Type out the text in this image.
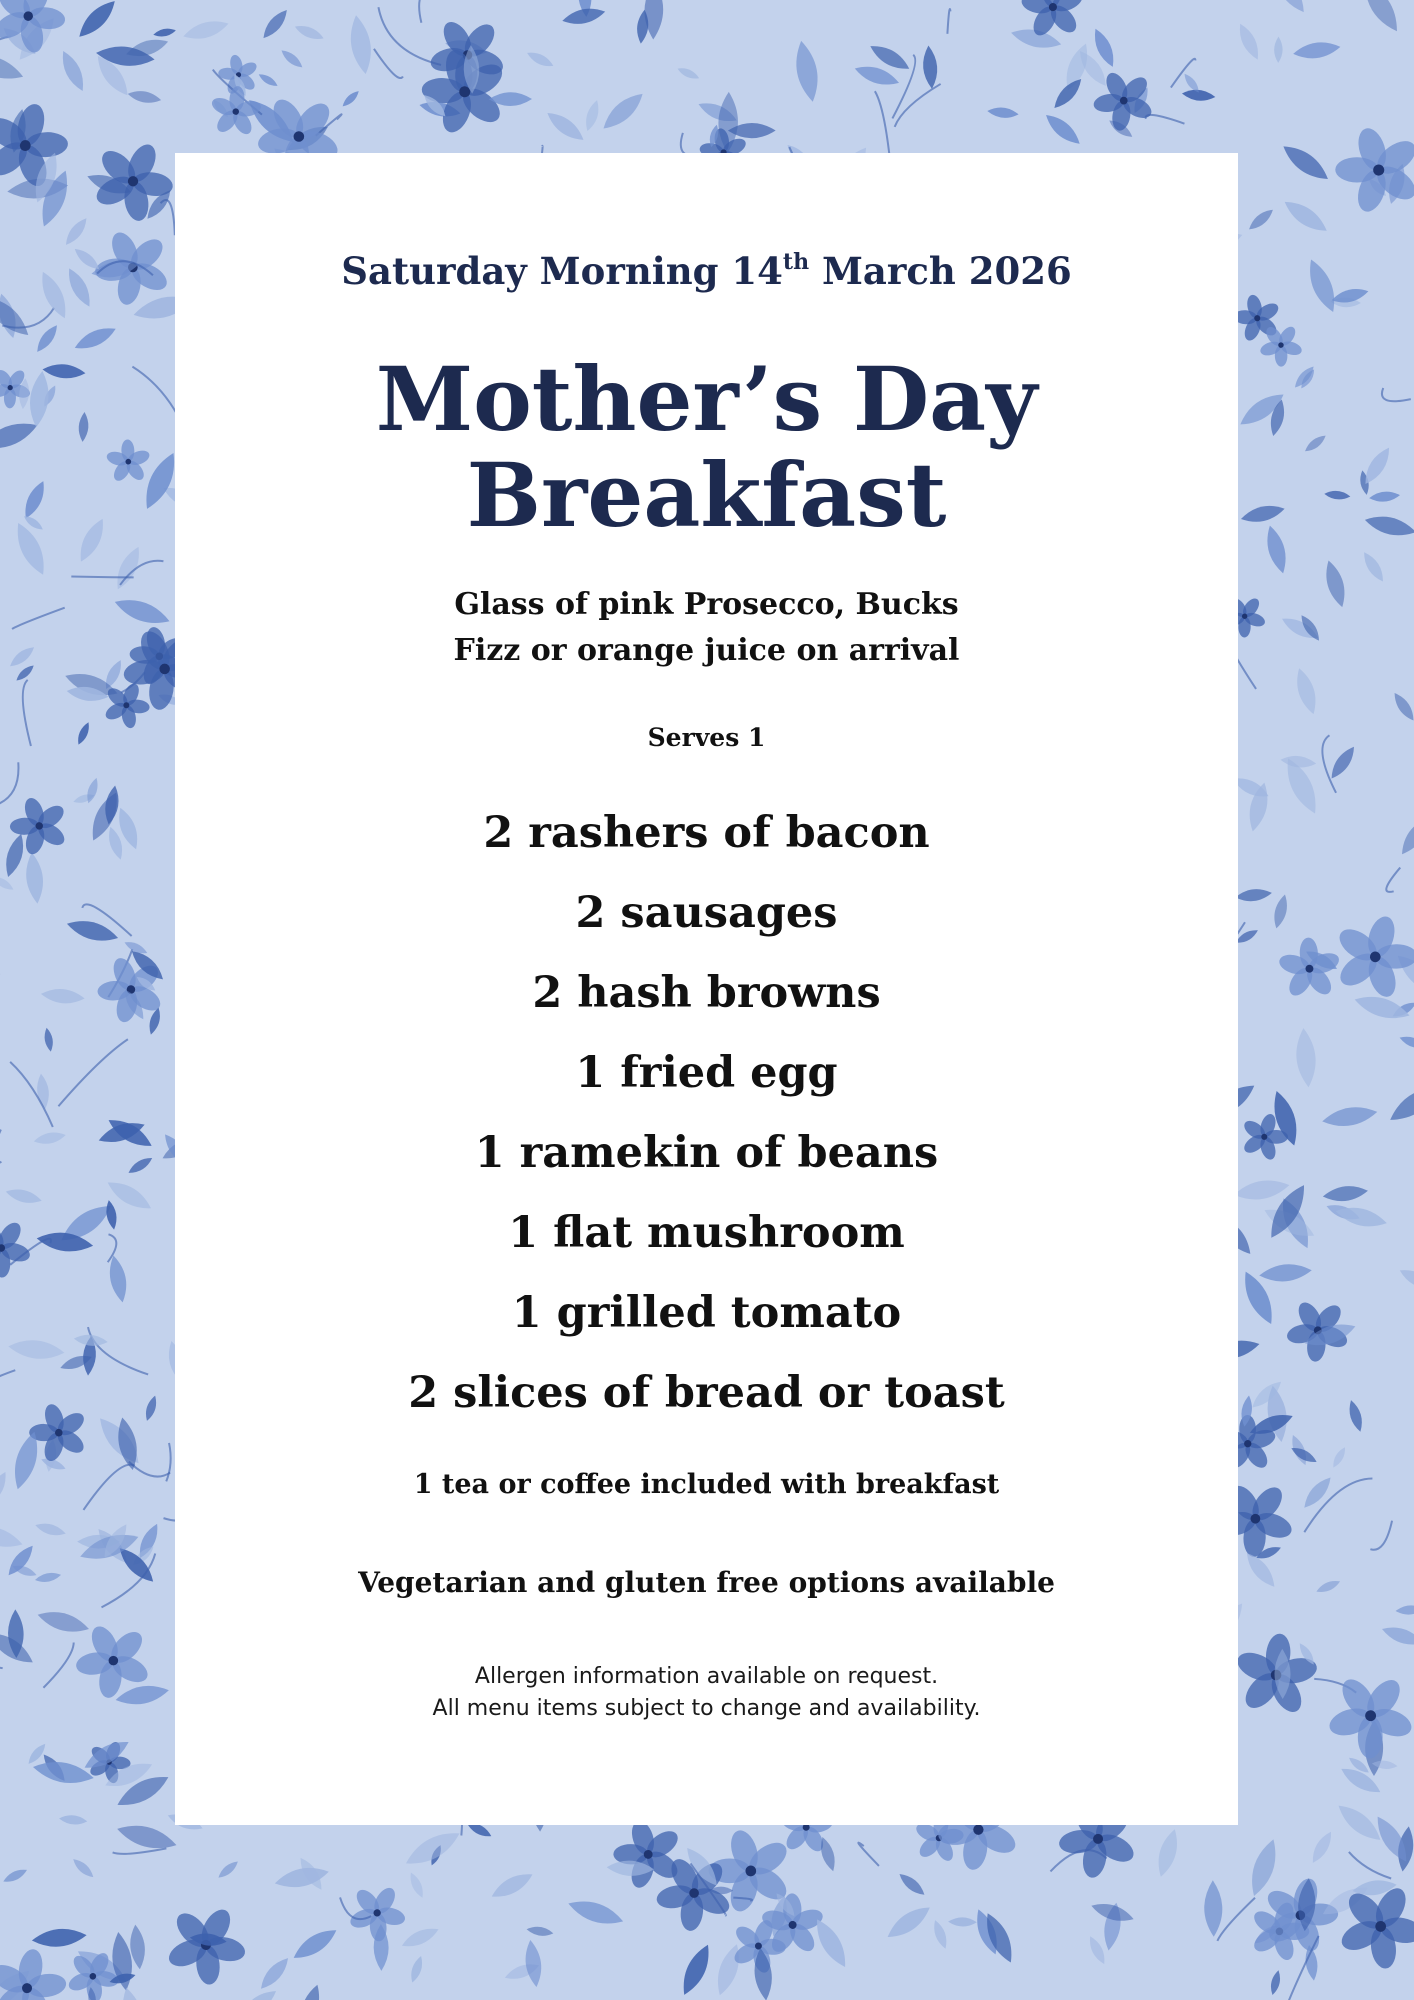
Saturday Morning 14th March 2026
Mother’s Day
Breakfast
Glass of pink Prosecco, Bucks
Fizz or orange juice on arrival
Serves 1
2 rashers of bacon
2 sausages
2 hash browns
1 fried egg
1 ramekin of beans
1 flat mushroom
1 grilled tomato
2 slices of bread or toast
1 tea or coffee included with breakfast
Vegetarian and gluten free options available
Allergen information available on request.
All menu items subject to change and availability.
